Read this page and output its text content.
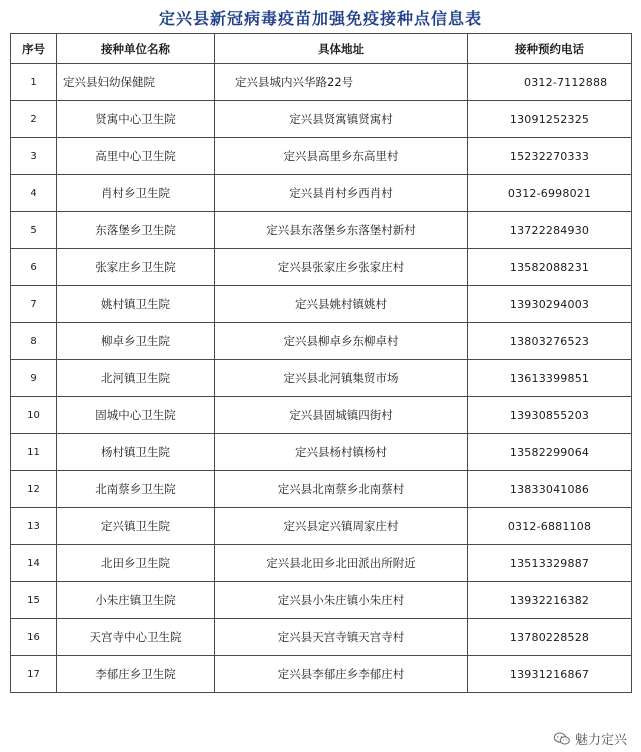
定兴县新冠病毒疫苗加强免疫接种点信息表
序号	接种单位名称	具体地址	接种预约电话
1	定兴县妇幼保健院	定兴县城内兴华路22号	0312-7112888
2	贤寓中心卫生院	定兴县贤寓镇贤寓村	13091252325
3	高里中心卫生院	定兴县高里乡东高里村	15232270333
4	肖村乡卫生院	定兴县肖村乡西肖村	0312-6998021
5	东落堡乡卫生院	定兴县东落堡乡东落堡村新村	13722284930
6	张家庄乡卫生院	定兴县张家庄乡张家庄村	13582088231
7	姚村镇卫生院	定兴县姚村镇姚村	13930294003
8	柳卓乡卫生院	定兴县柳卓乡东柳卓村	13803276523
9	北河镇卫生院	定兴县北河镇集贸市场	13613399851
10	固城中心卫生院	定兴县固城镇四街村	13930855203
11	杨村镇卫生院	定兴县杨村镇杨村	13582299064
12	北南蔡乡卫生院	定兴县北南蔡乡北南蔡村	13833041086
13	定兴镇卫生院	定兴县定兴镇周家庄村	0312-6881108
14	北田乡卫生院	定兴县北田乡北田派出所附近	13513329887
15	小朱庄镇卫生院	定兴县小朱庄镇小朱庄村	13932216382
16	天宫寺中心卫生院	定兴县天宫寺镇天宫寺村	13780228528
17	李郁庄乡卫生院	定兴县李郁庄乡李郁庄村	13931216867
魅力定兴
